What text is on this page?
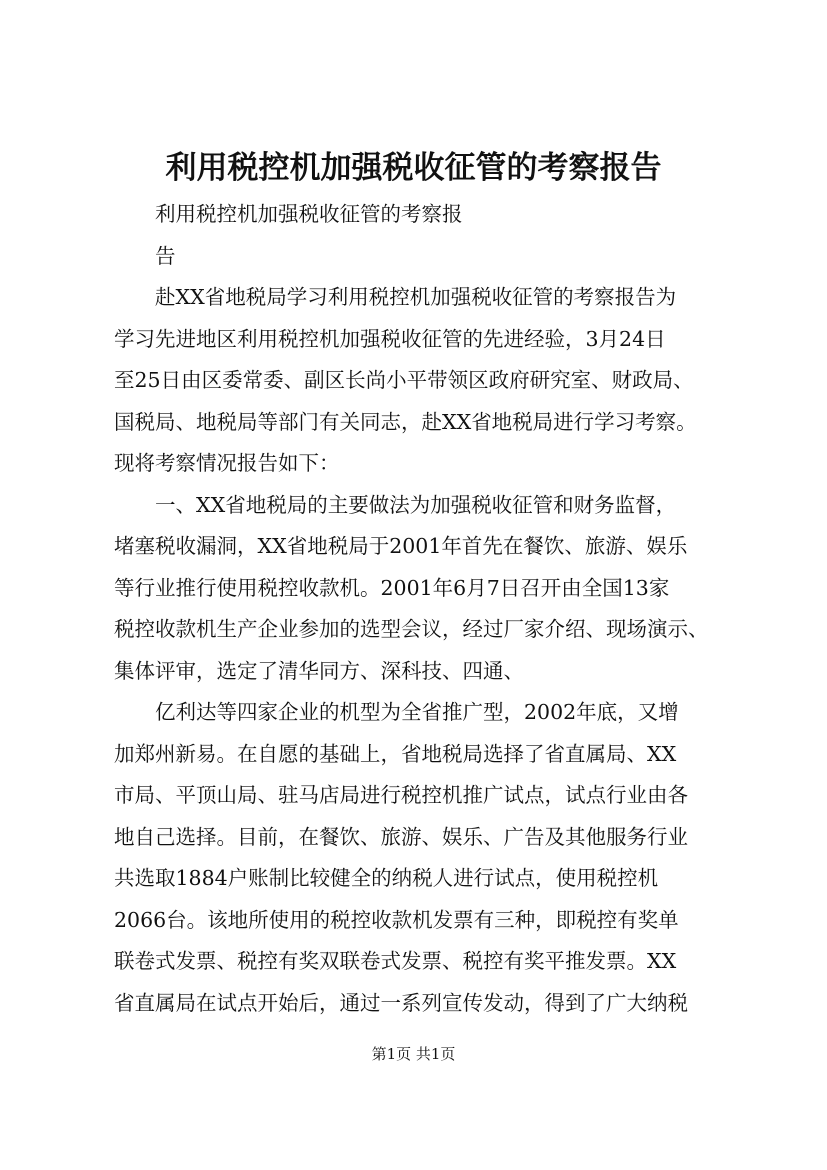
利用税控机加强税收征管的考察报告

　　利用税控机加强税收征管的考察报

　　告

　　赴XX省地税局学习利用税控机加强税收征管的考察报告为

学习先进地区利用税控机加强税收征管的先进经验，3月24日

至25日由区委常委、副区长尚小平带领区政府研究室、财政局、

国税局、地税局等部门有关同志，赴XX省地税局进行学习考察。

现将考察情况报告如下：

　　一、XX省地税局的主要做法为加强税收征管和财务监督，

堵塞税收漏洞，XX省地税局于2001年首先在餐饮、旅游、娱乐

等行业推行使用税控收款机。2001年6月7日召开由全国13家

税控收款机生产企业参加的选型会议，经过厂家介绍、现场演示、

集体评审，选定了清华同方、深科技、四通、

　　亿利达等四家企业的机型为全省推广型，2002年底，又增

加郑州新易。在自愿的基础上，省地税局选择了省直属局、XX

市局、平顶山局、驻马店局进行税控机推广试点，试点行业由各

地自己选择。目前，在餐饮、旅游、娱乐、广告及其他服务行业

共选取1884户账制比较健全的纳税人进行试点，使用税控机

2066台。该地所使用的税控收款机发票有三种，即税控有奖单

联卷式发票、税控有奖双联卷式发票、税控有奖平推发票。XX

省直属局在试点开始后，通过一系列宣传发动，得到了广大纳税

第1页 共1页
